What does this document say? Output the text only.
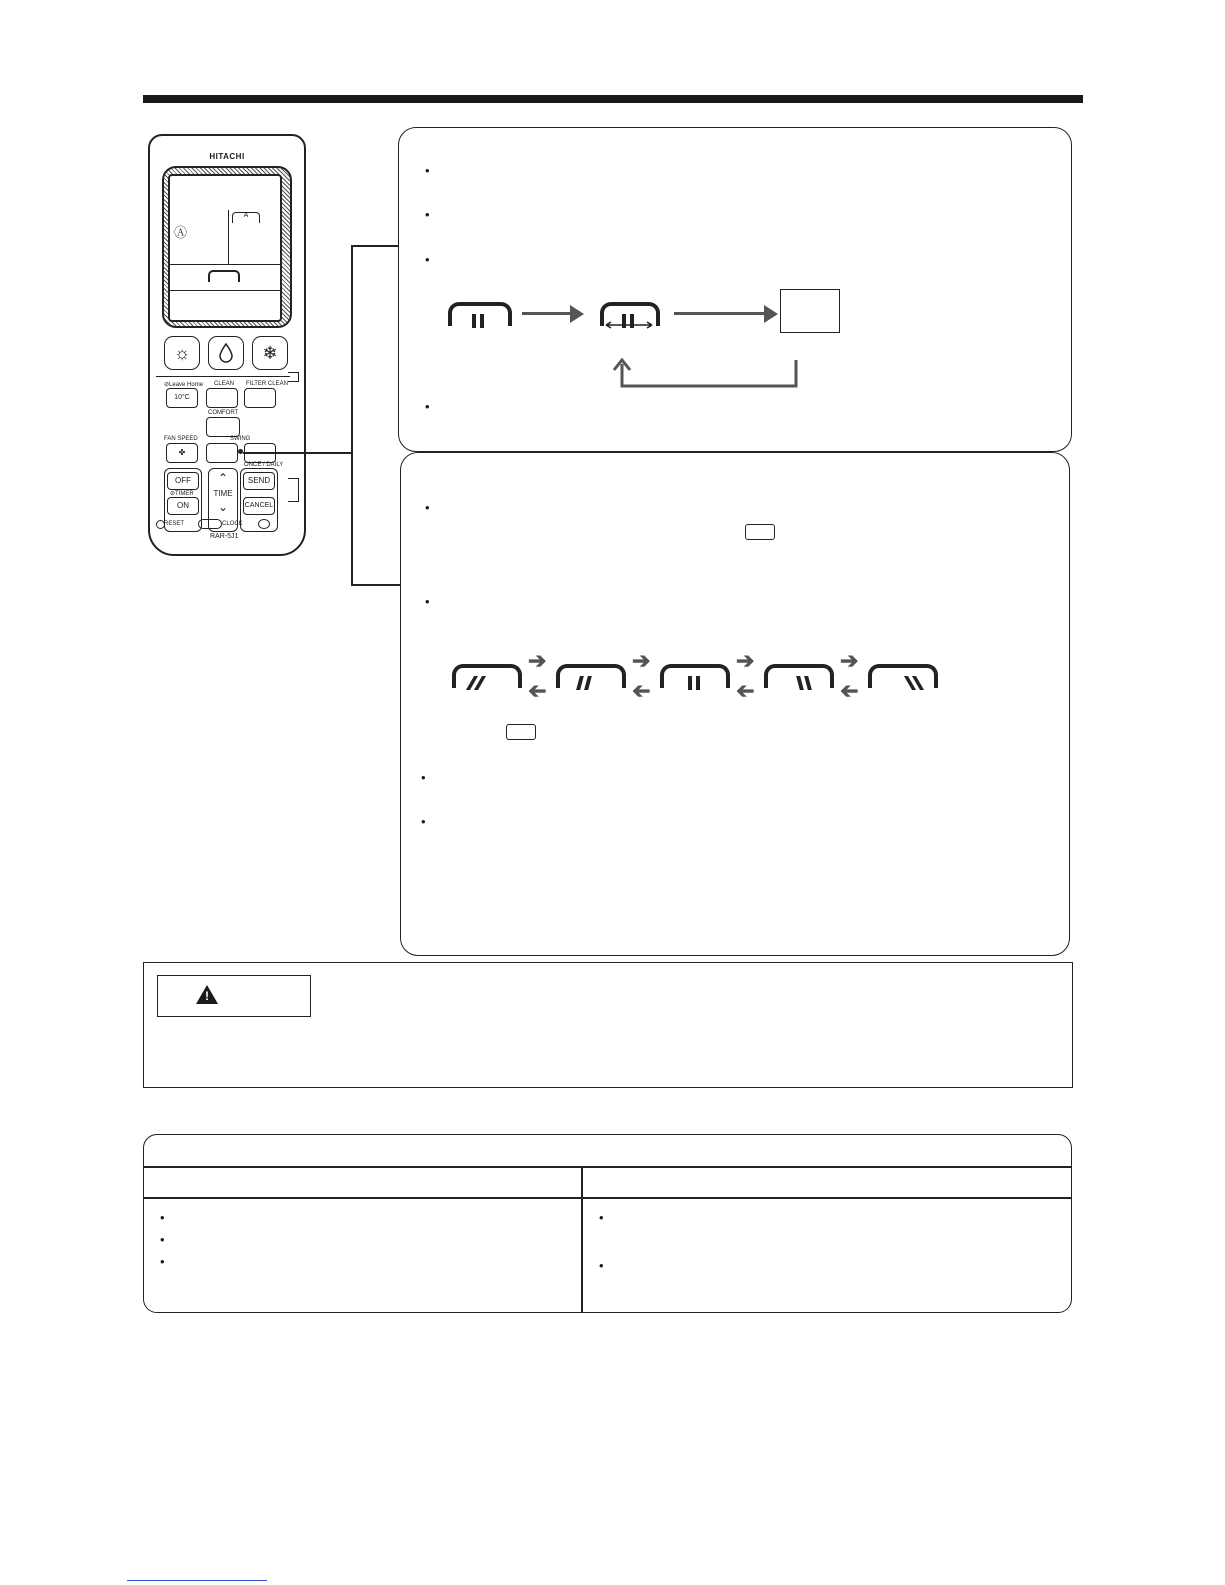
HITACHI
Ⓐ
A
☼	❄
⊘Leave Home CLEAN FILTER CLEAN
10°C
COMFORT
FAN SPEED	SWING
✤
OFF
⊘TIMER
ON
⌃
TIME
⌄
ONCE / DAILY
SEND
CANCEL
RESET	CLOCK
RAR-5J1
•
•
•
•
•
•
•
•
➔
➔
➔
➔
➔
➔
➔
➔
!
•
•
•
•
•
